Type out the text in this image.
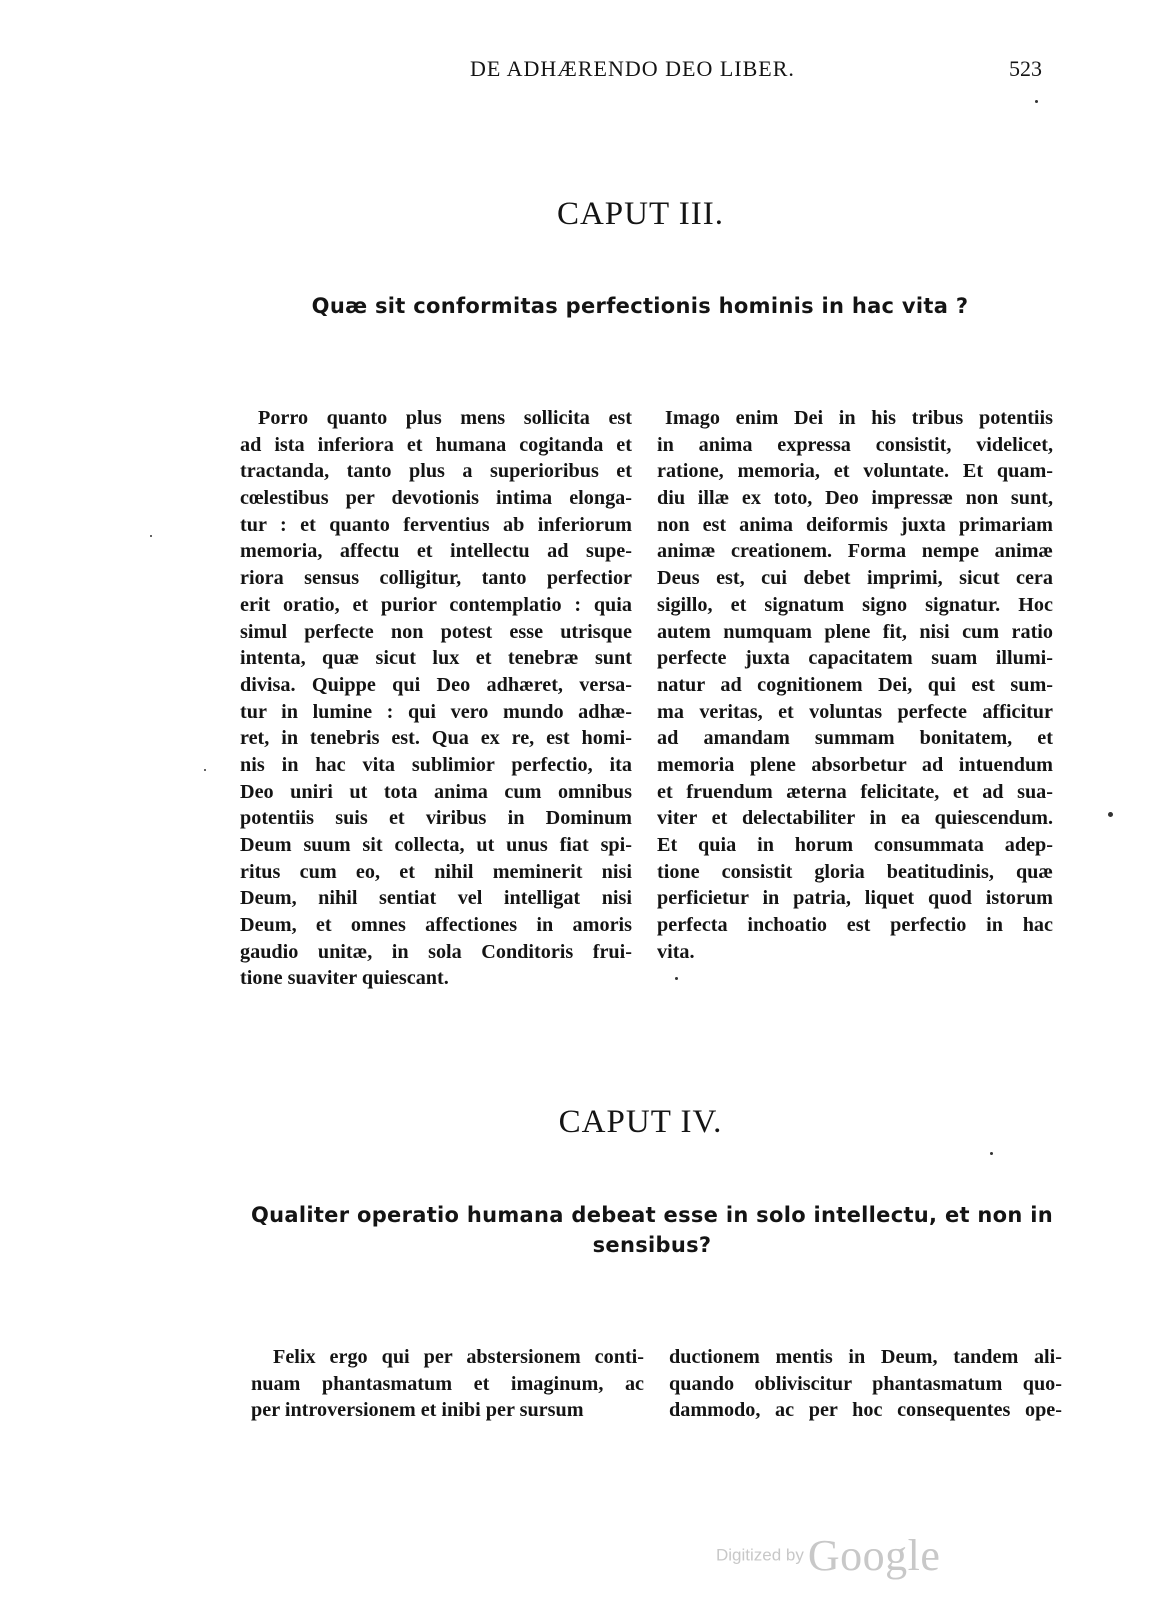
DE ADHÆRENDO DEO LIBER.	523
CAPUT III.
Quæ sit conformitas perfectionis hominis in hac vita ?
Porro quanto plus mens sollicita est
ad ista inferiora et humana cogitanda et
tractanda, tanto plus a superioribus et
cœlestibus per devotionis intima elonga-
tur : et quanto ferventius ab inferiorum
memoria, affectu et intellectu ad supe-
riora sensus colligitur, tanto perfectior
erit oratio, et purior contemplatio : quia
simul perfecte non potest esse utrisque
intenta, quæ sicut lux et tenebræ sunt
divisa. Quippe qui Deo adhæret, versa-
tur in lumine : qui vero mundo adhæ-
ret, in tenebris est. Qua ex re, est homi-
nis in hac vita sublimior perfectio, ita
Deo uniri ut tota anima cum omnibus
potentiis suis et viribus in Dominum
Deum suum sit collecta, ut unus fiat spi-
ritus cum eo, et nihil meminerit nisi
Deum, nihil sentiat vel intelligat nisi
Deum, et omnes affectiones in amoris
gaudio unitæ, in sola Conditoris frui-
tione suaviter quiescant.
Imago enim Dei in his tribus potentiis
in anima expressa consistit, videlicet,
ratione, memoria, et voluntate. Et quam-
diu illæ ex toto, Deo impressæ non sunt,
non est anima deiformis juxta primariam
animæ creationem. Forma nempe animæ
Deus est, cui debet imprimi, sicut cera
sigillo, et signatum signo signatur. Hoc
autem numquam plene fit, nisi cum ratio
perfecte juxta capacitatem suam illumi-
natur ad cognitionem Dei, qui est sum-
ma veritas, et voluntas perfecte afficitur
ad amandam summam bonitatem, et
memoria plene absorbetur ad intuendum
et fruendum æterna felicitate, et ad sua-
viter et delectabiliter in ea quiescendum.
Et quia in horum consummata adep-
tione consistit gloria beatitudinis, quæ
perficietur in patria, liquet quod istorum
perfecta inchoatio est perfectio in hac
vita.
CAPUT IV.
Qualiter operatio humana debeat esse in solo intellectu, et non in sensibus?
Felix ergo qui per abstersionem conti-
nuam phantasmatum et imaginum, ac
per introversionem et inibi per sursum
ductionem mentis in Deum, tandem ali-
quando obliviscitur phantasmatum quo-
dammodo, ac per hoc consequentes ope-
Digitized by Google
